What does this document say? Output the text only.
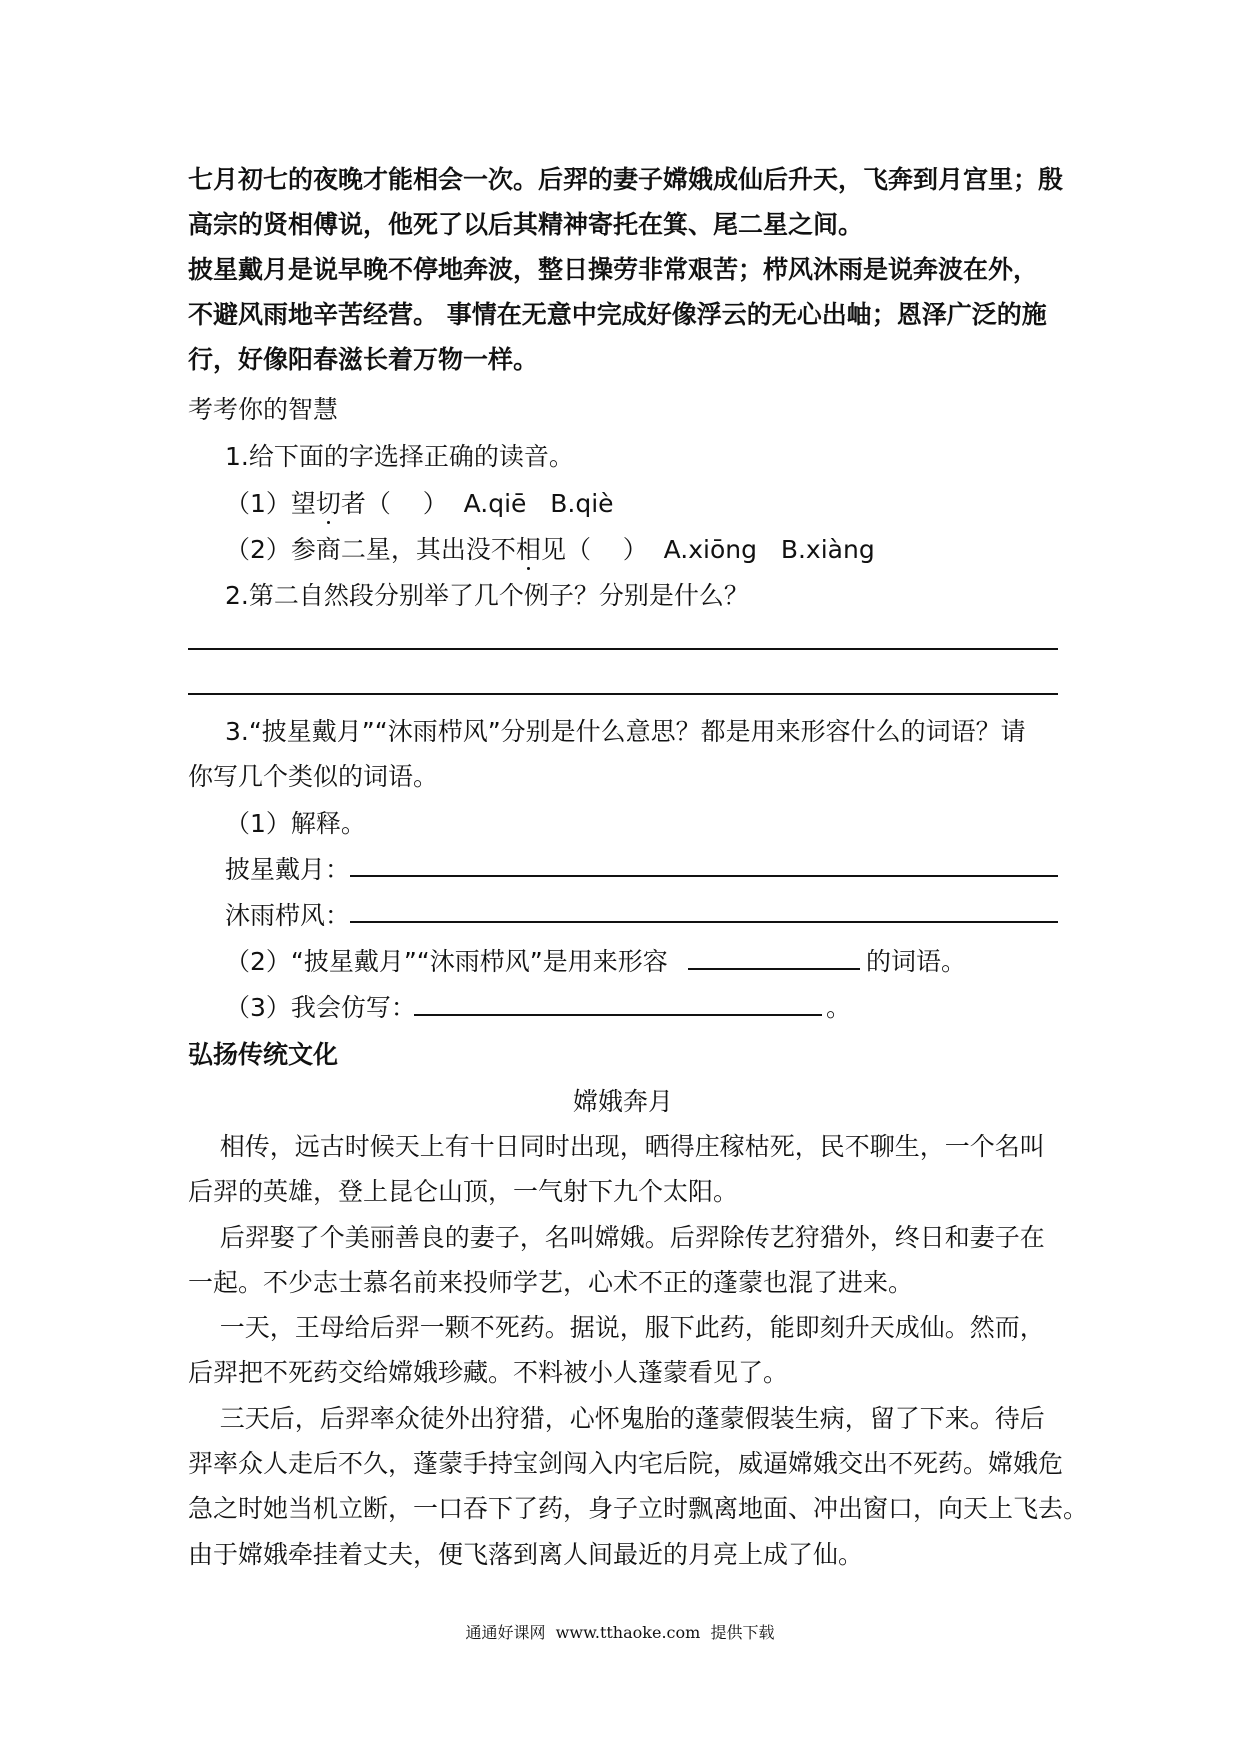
七月初七的夜晚才能相会一次。后羿的妻子嫦娥成仙后升天，飞奔到月宫里；殷
高宗的贤相傅说，他死了以后其精神寄托在箕、尾二星之间。
披星戴月是说早晚不停地奔波，整日操劳非常艰苦；栉风沐雨是说奔波在外，
不避风雨地辛苦经营。 事情在无意中完成好像浮云的无心出岫；恩泽广泛的施
行，好像阳春滋长着万物一样。
考考你的智慧
1.给下面的字选择正确的读音。
（1）望切者（    ）  A.qiē   B.qiè
（2）参商二星，其出没不相见（    ）  A.xiōng   B.xiàng
2.第二自然段分别举了几个例子？分别是什么？
3.“披星戴月”“沐雨栉风”分别是什么意思？都是用来形容什么的词语？请
你写几个类似的词语。
（1）解释。
披星戴月：
沐雨栉风：
（2）“披星戴月”“沐雨栉风”是用来形容	的词语。
（3）我会仿写：	。
弘扬传统文化
嫦娥奔月
相传，远古时候天上有十日同时出现，晒得庄稼枯死，民不聊生，一个名叫
后羿的英雄，登上昆仑山顶，一气射下九个太阳。
后羿娶了个美丽善良的妻子，名叫嫦娥。后羿除传艺狩猎外，终日和妻子在
一起。不少志士慕名前来投师学艺，心术不正的蓬蒙也混了进来。
一天，王母给后羿一颗不死药。据说，服下此药，能即刻升天成仙。然而，
后羿把不死药交给嫦娥珍藏。不料被小人蓬蒙看见了。
三天后，后羿率众徒外出狩猎，心怀鬼胎的蓬蒙假装生病，留了下来。待后
羿率众人走后不久，蓬蒙手持宝剑闯入内宅后院，威逼嫦娥交出不死药。嫦娥危
急之时她当机立断，一口吞下了药，身子立时飘离地面、冲出窗口，向天上飞去。
由于嫦娥牵挂着丈夫，便飞落到离人间最近的月亮上成了仙。
通通好课网  www.tthaoke.com  提供下载
